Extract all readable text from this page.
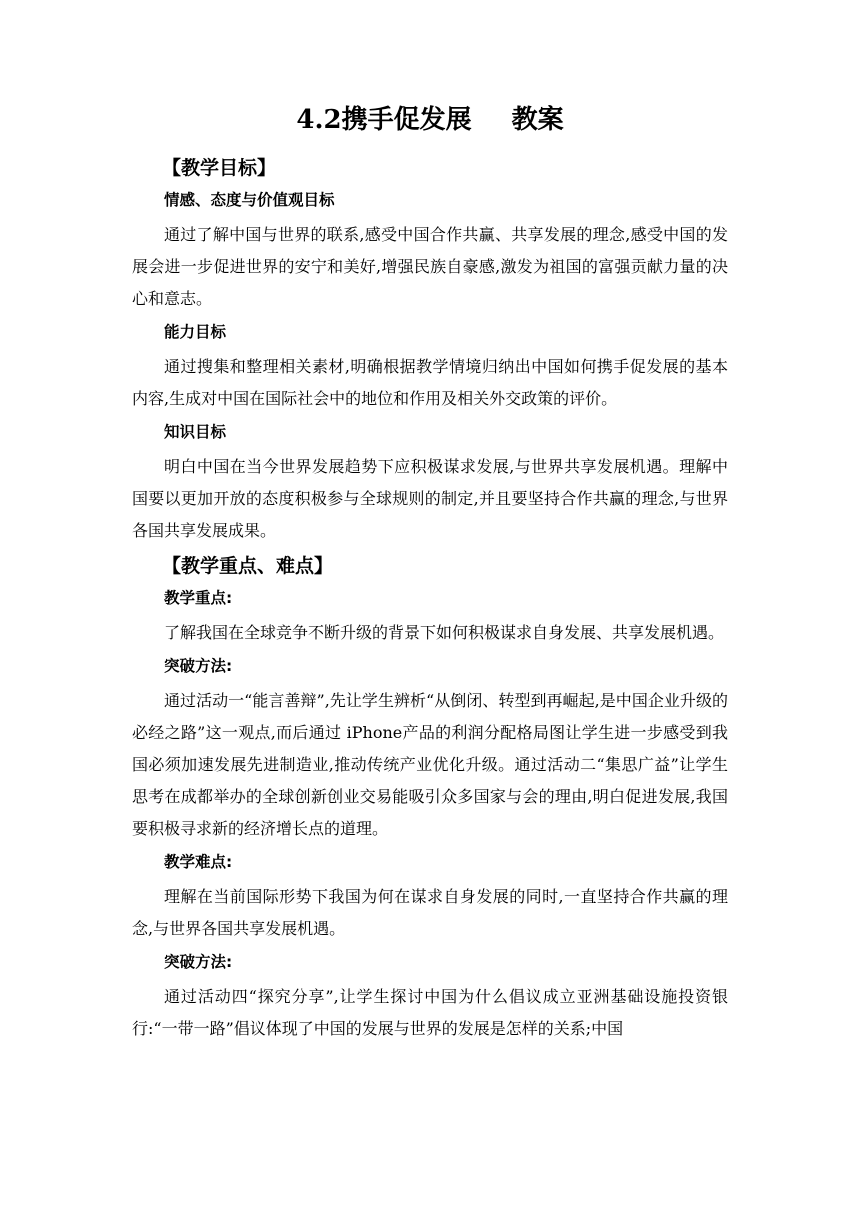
4.2携手促发展 教案
【教学目标】
情感、态度与价值观目标

通过了解中国与世界的联系,感受中国合作共赢、共享发展的理念,感受中国的发展会进一步促进世界的安宁和美好,增强民族自豪感,激发为祖国的富强贡献力量的决心和意志。

能力目标

通过搜集和整理相关素材,明确根据教学情境归纳出中国如何携手促发展的基本内容,生成对中国在国际社会中的地位和作用及相关外交政策的评价。

知识目标

明白中国在当今世界发展趋势下应积极谋求发展,与世界共享发展机遇。理解中国要以更加开放的态度积极参与全球规则的制定,并且要坚持合作共赢的理念,与世界各国共享发展成果。

【教学重点、难点】
教学重点:

了解我国在全球竞争不断升级的背景下如何积极谋求自身发展、共享发展机遇。

突破方法:

通过活动一“能言善辩”,先让学生辨析“从倒闭、转型到再崛起,是中国企业升级的必经之路”这一观点,而后通过 iPhone产品的利润分配格局图让学生进一步感受到我国必须加速发展先进制造业,推动传统产业优化升级。通过活动二“集思广益”让学生思考在成都举办的全球创新创业交易能吸引众多国家与会的理由,明白促进发展,我国要积极寻求新的经济增长点的道理。

教学难点:

理解在当前国际形势下我国为何在谋求自身发展的同时,一直坚持合作共赢的理念,与世界各国共享发展机遇。

突破方法:

通过活动四“探究分享”,让学生探讨中国为什么倡议成立亚洲基础设施投资银行:“一带一路”倡议体现了中国的发展与世界的发展是怎样的关系;中国
